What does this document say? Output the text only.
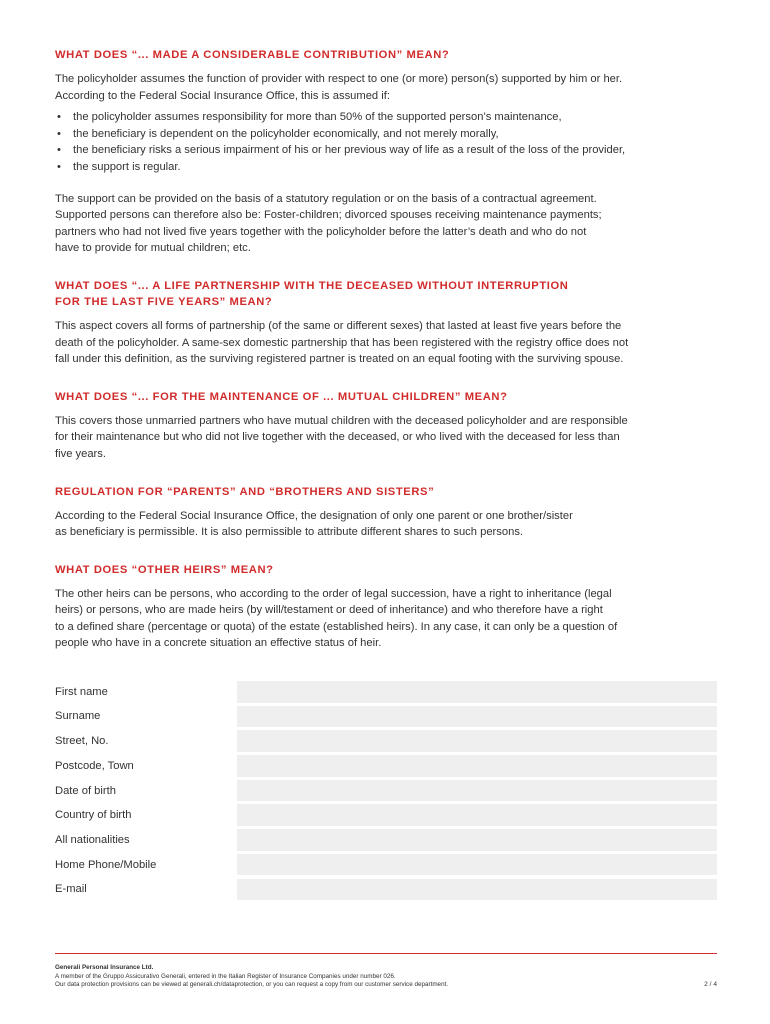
WHAT DOES “... MADE A CONSIDERABLE CONTRIBUTION” MEAN?

The policyholder assumes the function of provider with respect to one (or more) person(s) supported by him or her.
According to the Federal Social Insurance Office, this is assumed if:

• the policyholder assumes responsibility for more than 50% of the supported person’s maintenance,
• the beneficiary is dependent on the policyholder economically, and not merely morally,
• the beneficiary risks a serious impairment of his or her previous way of life as a result of the loss of the provider,
• the support is regular.

The support can be provided on the basis of a statutory regulation or on the basis of a contractual agreement.
Supported persons can therefore also be: Foster-children; divorced spouses receiving maintenance payments;
partners who had not lived five years together with the policyholder before the latter’s death and who do not
have to provide for mutual children; etc.

WHAT DOES “... A LIFE PARTNERSHIP WITH THE DECEASED WITHOUT INTERRUPTION
FOR THE LAST FIVE YEARS” MEAN?

This aspect covers all forms of partnership (of the same or different sexes) that lasted at least five years before the
death of the policyholder. A same-sex domestic partnership that has been registered with the registry office does not
fall under this definition, as the surviving registered partner is treated on an equal footing with the surviving spouse.

WHAT DOES “... FOR THE MAINTENANCE OF ... MUTUAL CHILDREN” MEAN?

This covers those unmarried partners who have mutual children with the deceased policyholder and are responsible
for their maintenance but who did not live together with the deceased, or who lived with the deceased for less than
five years.

REGULATION FOR “PARENTS” AND “BROTHERS AND SISTERS”

According to the Federal Social Insurance Office, the designation of only one parent or one brother/sister
as beneficiary is permissible. It is also permissible to attribute different shares to such persons.

WHAT DOES “OTHER HEIRS” MEAN?

The other heirs can be persons, who according to the order of legal succession, have a right to inheritance (legal
heirs) or persons, who are made heirs (by will/testament or deed of inheritance) and who therefore have a right
to a defined share (percentage or quota) of the estate (established heirs). In any case, it can only be a question of
people who have in a concrete situation an effective status of heir.

First name
Surname
Street, No.
Postcode, Town
Date of birth
Country of birth
All nationalities
Home Phone/Mobile
E-mail
Generali Personal Insurance Ltd.
A member of the Gruppo Assicurativo Generali, entered in the Italian Register of Insurance Companies under number 026.
Our data protection provisions can be viewed at generali.ch/dataprotection, or you can request a copy from our customer service department.	2 / 4
